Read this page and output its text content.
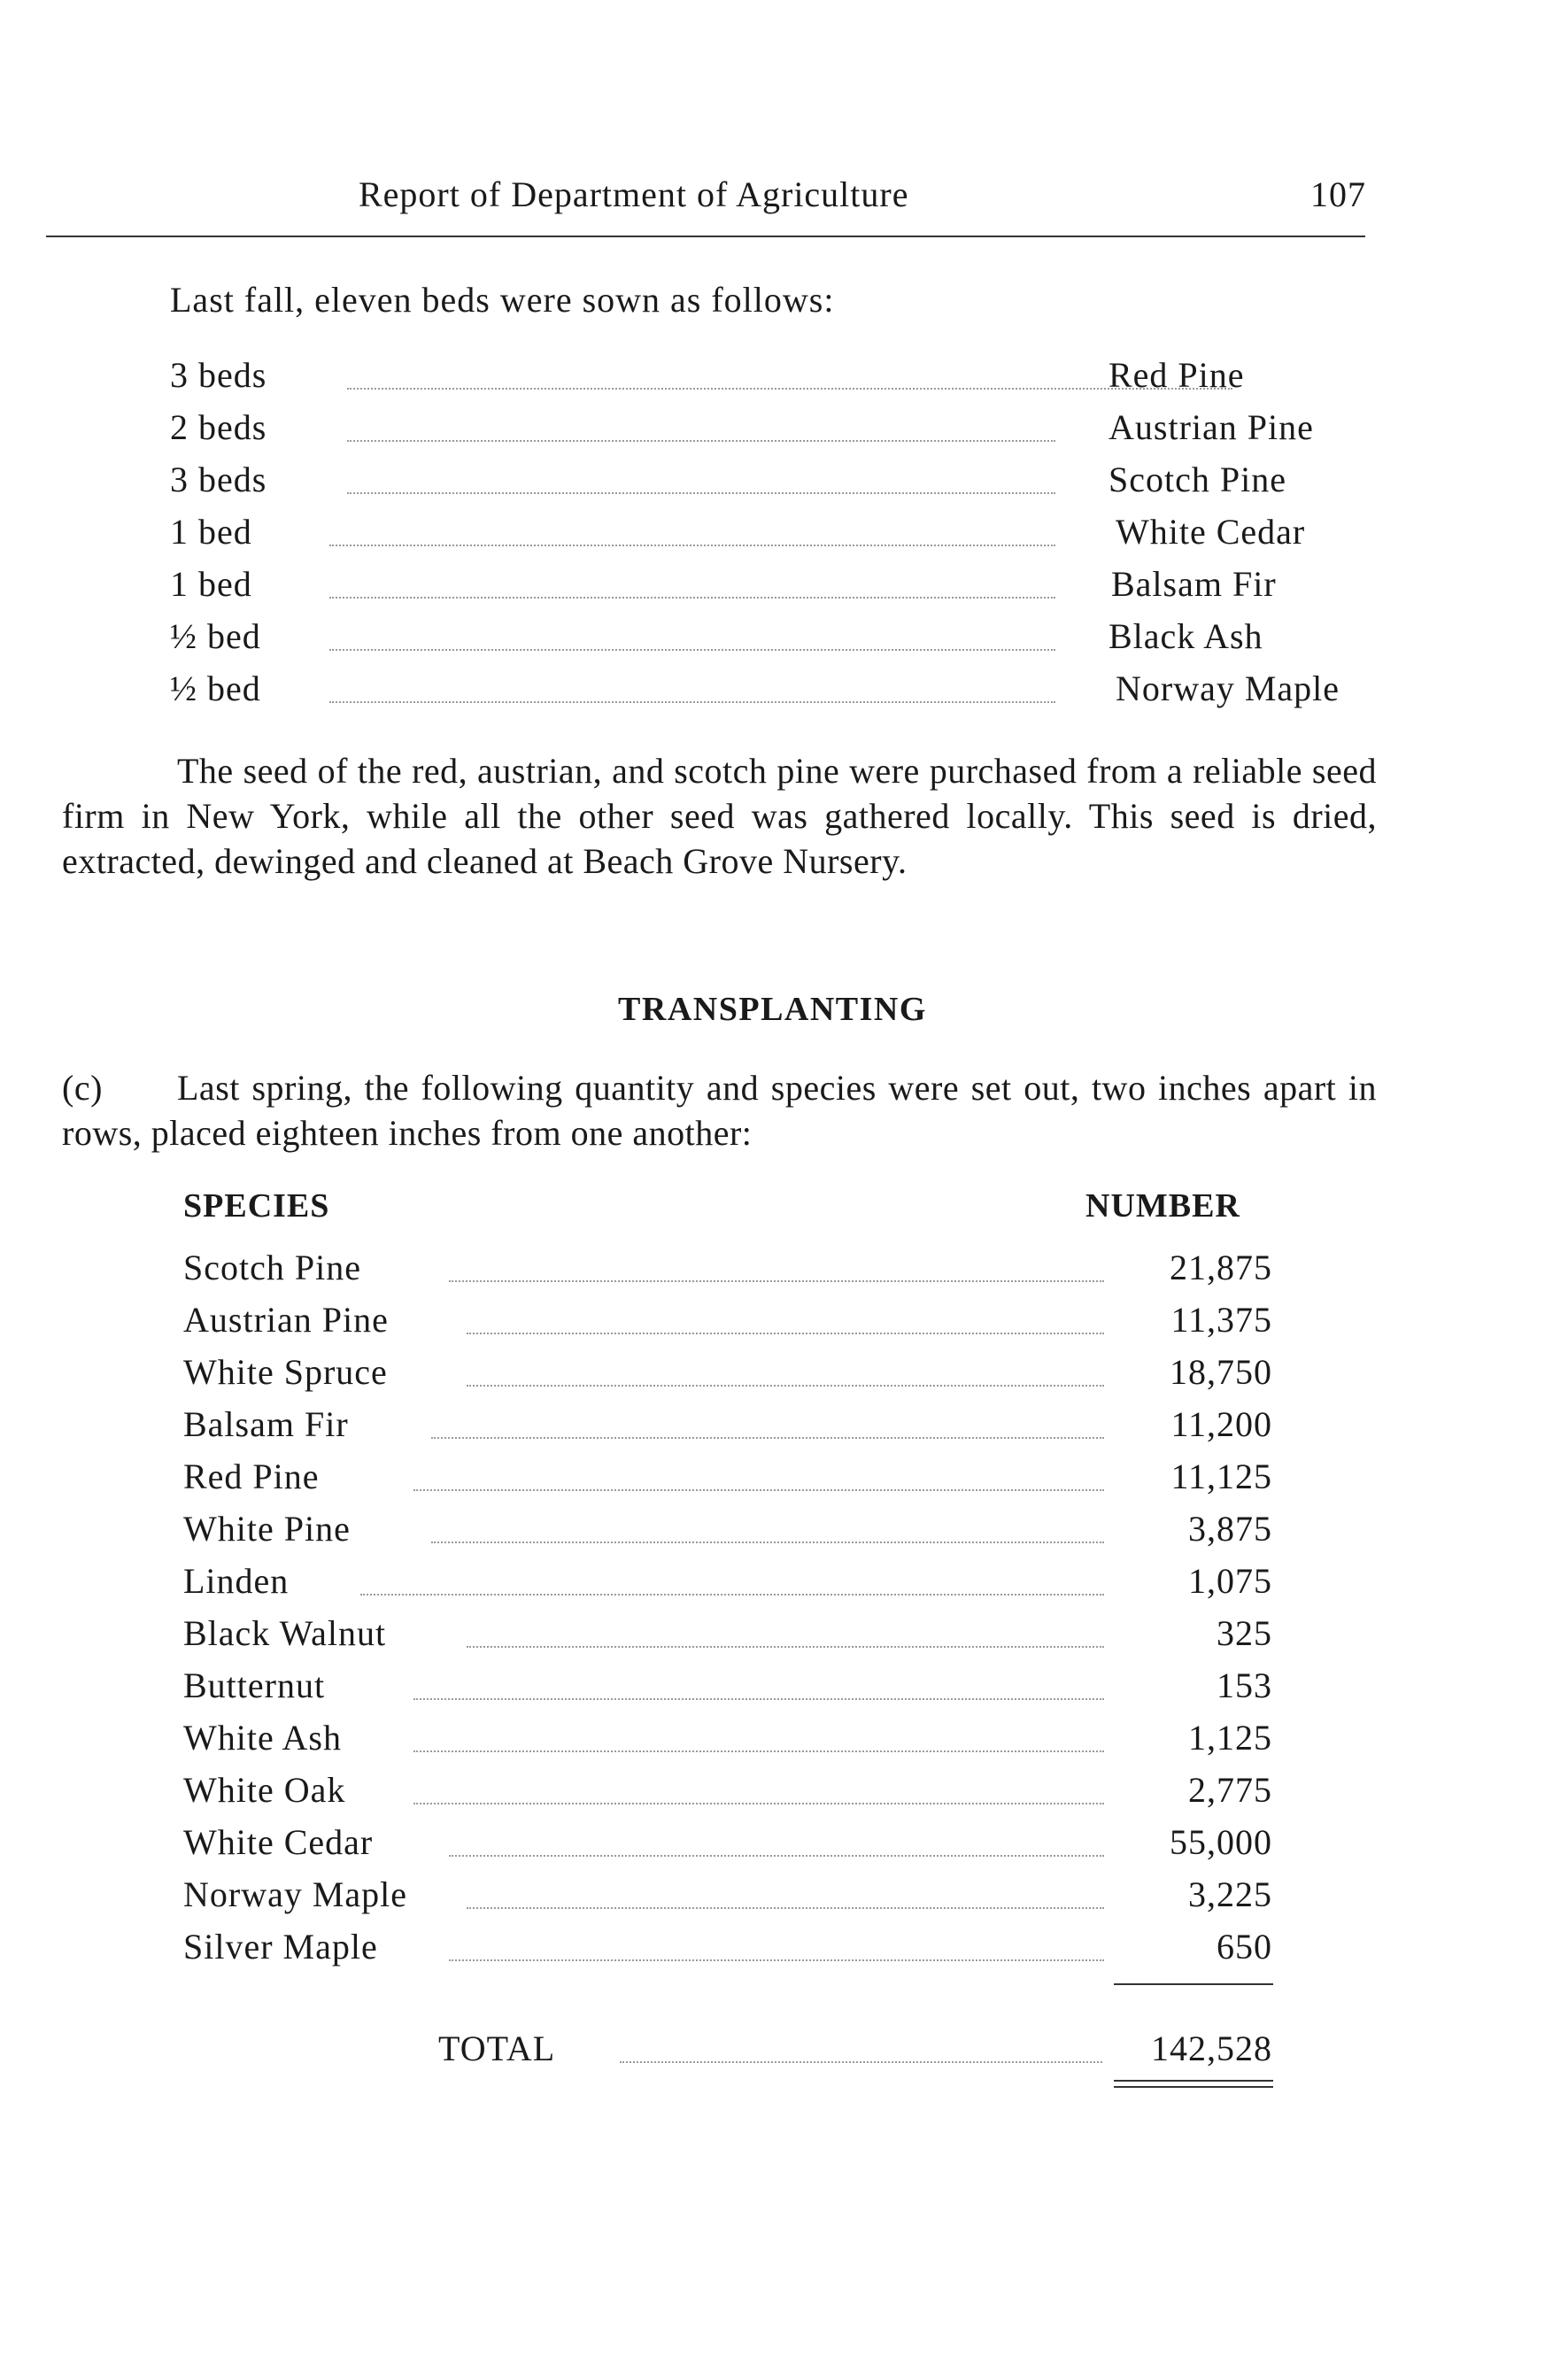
Report of Department of Agriculture	107
Last fall, eleven beds were sown as follows:
3 beds	Red Pine
2 beds	Austrian Pine
3 beds	Scotch Pine
1 bed	White Cedar
1 bed	Balsam Fir
½ bed	Black Ash
½ bed	Norway Maple
The seed of the red, austrian, and scotch pine were purchased from a reliable seed firm in New York, while all the other seed was gathered locally. This seed is dried, extracted, dewinged and cleaned at Beach Grove Nursery.
TRANSPLANTING
(c) Last spring, the following quantity and species were set out, two inches apart in rows, placed eighteen inches from one another:
SPECIES	NUMBER
Scotch Pine	21,875
Austrian Pine	11,375
White Spruce	18,750
Balsam Fir	11,200
Red Pine	11,125
White Pine	3,875
Linden	1,075
Black Walnut	325
Butternut	153
White Ash	1,125
White Oak	2,775
White Cedar	55,000
Norway Maple	3,225
Silver Maple	650
TOTAL	142,528
